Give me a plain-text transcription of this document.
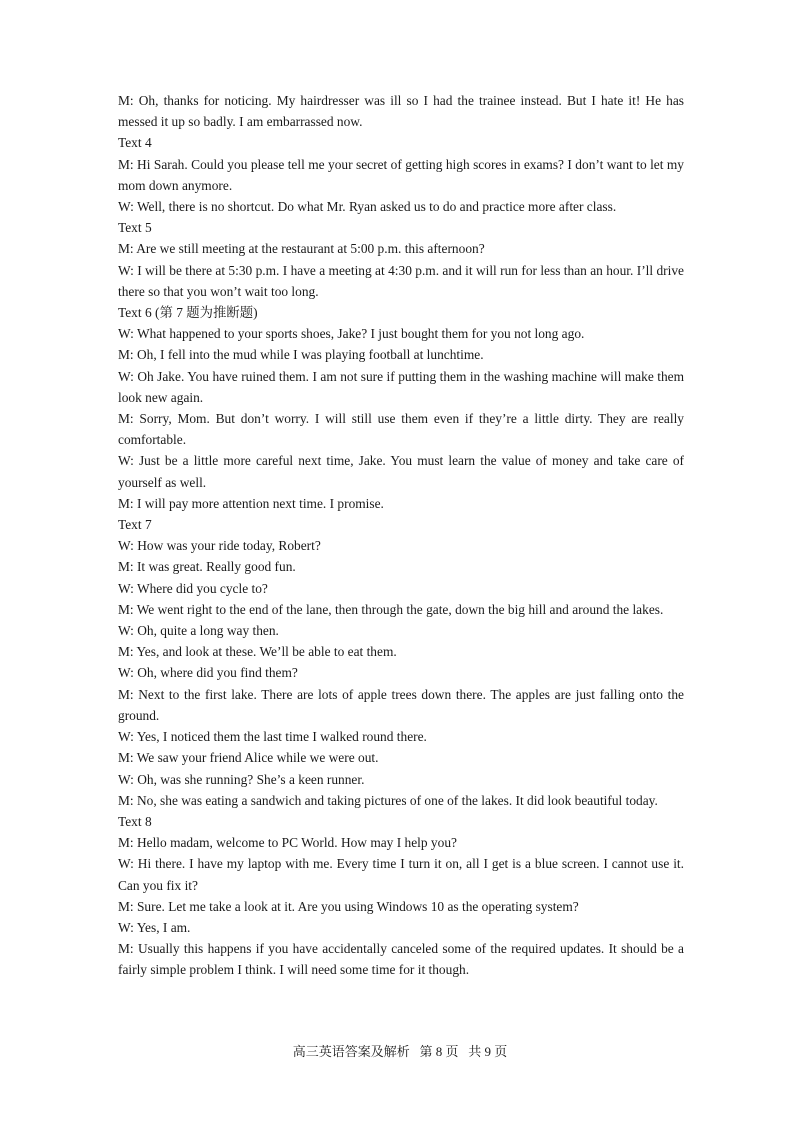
M: Oh, thanks for noticing. My hairdresser was ill so I had the trainee instead. But I hate it! He has messed it up so badly. I am embarrassed now.

Text 4

M: Hi Sarah. Could you please tell me your secret of getting high scores in exams? I don’t want to let my mom down anymore.

W: Well, there is no shortcut. Do what Mr. Ryan asked us to do and practice more after class.

Text 5

M: Are we still meeting at the restaurant at 5:00 p.m. this afternoon?

W: I will be there at 5:30 p.m. I have a meeting at 4:30 p.m. and it will run for less than an hour. I’ll drive there so that you won’t wait too long.

Text 6 (第 7 题为推断题)

W: What happened to your sports shoes, Jake? I just bought them for you not long ago.

M: Oh, I fell into the mud while I was playing football at lunchtime.

W: Oh Jake. You have ruined them. I am not sure if putting them in the washing machine will make them look new again.

M: Sorry, Mom. But don’t worry. I will still use them even if they’re a little dirty. They are really comfortable.

W: Just be a little more careful next time, Jake. You must learn the value of money and take care of yourself as well.

M: I will pay more attention next time. I promise.

Text 7

W: How was your ride today, Robert?

M: It was great. Really good fun.

W: Where did you cycle to?

M: We went right to the end of the lane, then through the gate, down the big hill and around the lakes.

W: Oh, quite a long way then.

M: Yes, and look at these. We’ll be able to eat them.

W: Oh, where did you find them?

M: Next to the first lake. There are lots of apple trees down there. The apples are just falling onto the ground.

W: Yes, I noticed them the last time I walked round there.

M: We saw your friend Alice while we were out.

W: Oh, was she running? She’s a keen runner.

M: No, she was eating a sandwich and taking pictures of one of the lakes. It did look beautiful today.

Text 8

M: Hello madam, welcome to PC World. How may I help you?

W: Hi there. I have my laptop with me. Every time I turn it on, all I get is a blue screen. I cannot use it. Can you fix it?

M: Sure. Let me take a look at it. Are you using Windows 10 as the operating system?

W: Yes, I am.

M: Usually this happens if you have accidentally canceled some of the required updates. It should be a fairly simple problem I think. I will need some time for it though.

高三英语答案及解析 第 8 页 共 9 页
